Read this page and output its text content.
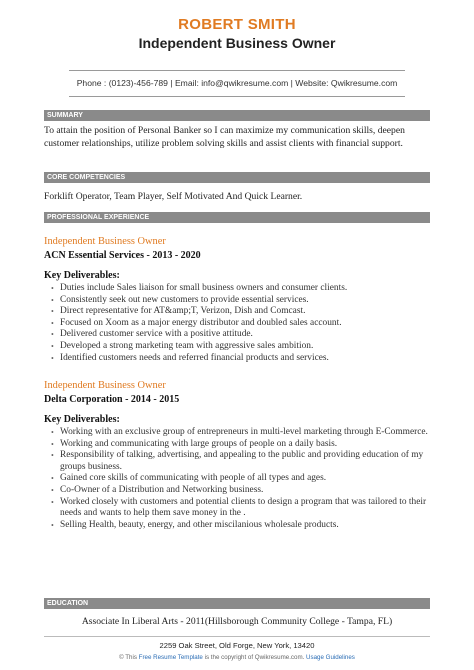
ROBERT SMITH
Independent Business Owner
Phone : (0123)-456-789 | Email: info@qwikresume.com | Website: Qwikresume.com
SUMMARY
To attain the position of Personal Banker so I can maximize my communication skills, deepen customer relationships, utilize problem solving skills and assist clients with financial support.
CORE COMPETENCIES
Forklift Operator, Team Player, Self Motivated And Quick Learner.
PROFESSIONAL EXPERIENCE
Independent Business Owner
ACN Essential Services - 2013 - 2020
Key Deliverables:
• Duties include Sales liaison for small business owners and consumer clients.
• Consistently seek out new customers to provide essential services.
• Direct representative for AT&amp;T, Verizon, Dish and Comcast.
• Focused on Xoom as a major energy distributor and doubled sales account.
• Delivered customer service with a positive attitude.
• Developed a strong marketing team with aggressive sales ambition.
• Identified customers needs and referred financial products and services.
Independent Business Owner
Delta Corporation - 2014 - 2015
Key Deliverables:
• Working with an exclusive group of entrepreneurs in multi-level marketing through E-Commerce.
• Working and communicating with large groups of people on a daily basis.
• Responsibility of talking, advertising, and appealing to the public and providing education of my groups business.
• Gained core skills of communicating with people of all types and ages.
• Co-Owner of a Distribution and Networking business.
• Worked closely with customers and potential clients to design a program that was tailored to their needs and wants to help them save money in the .
• Selling Health, beauty, energy, and other miscilanious wholesale products.
EDUCATION
Associate In Liberal Arts - 2011(Hillsborough Community College - Tampa, FL)
2259 Oak Street, Old Forge, New York, 13420
© This Free Resume Template is the copyright of Qwikresume.com. Usage Guidelines
